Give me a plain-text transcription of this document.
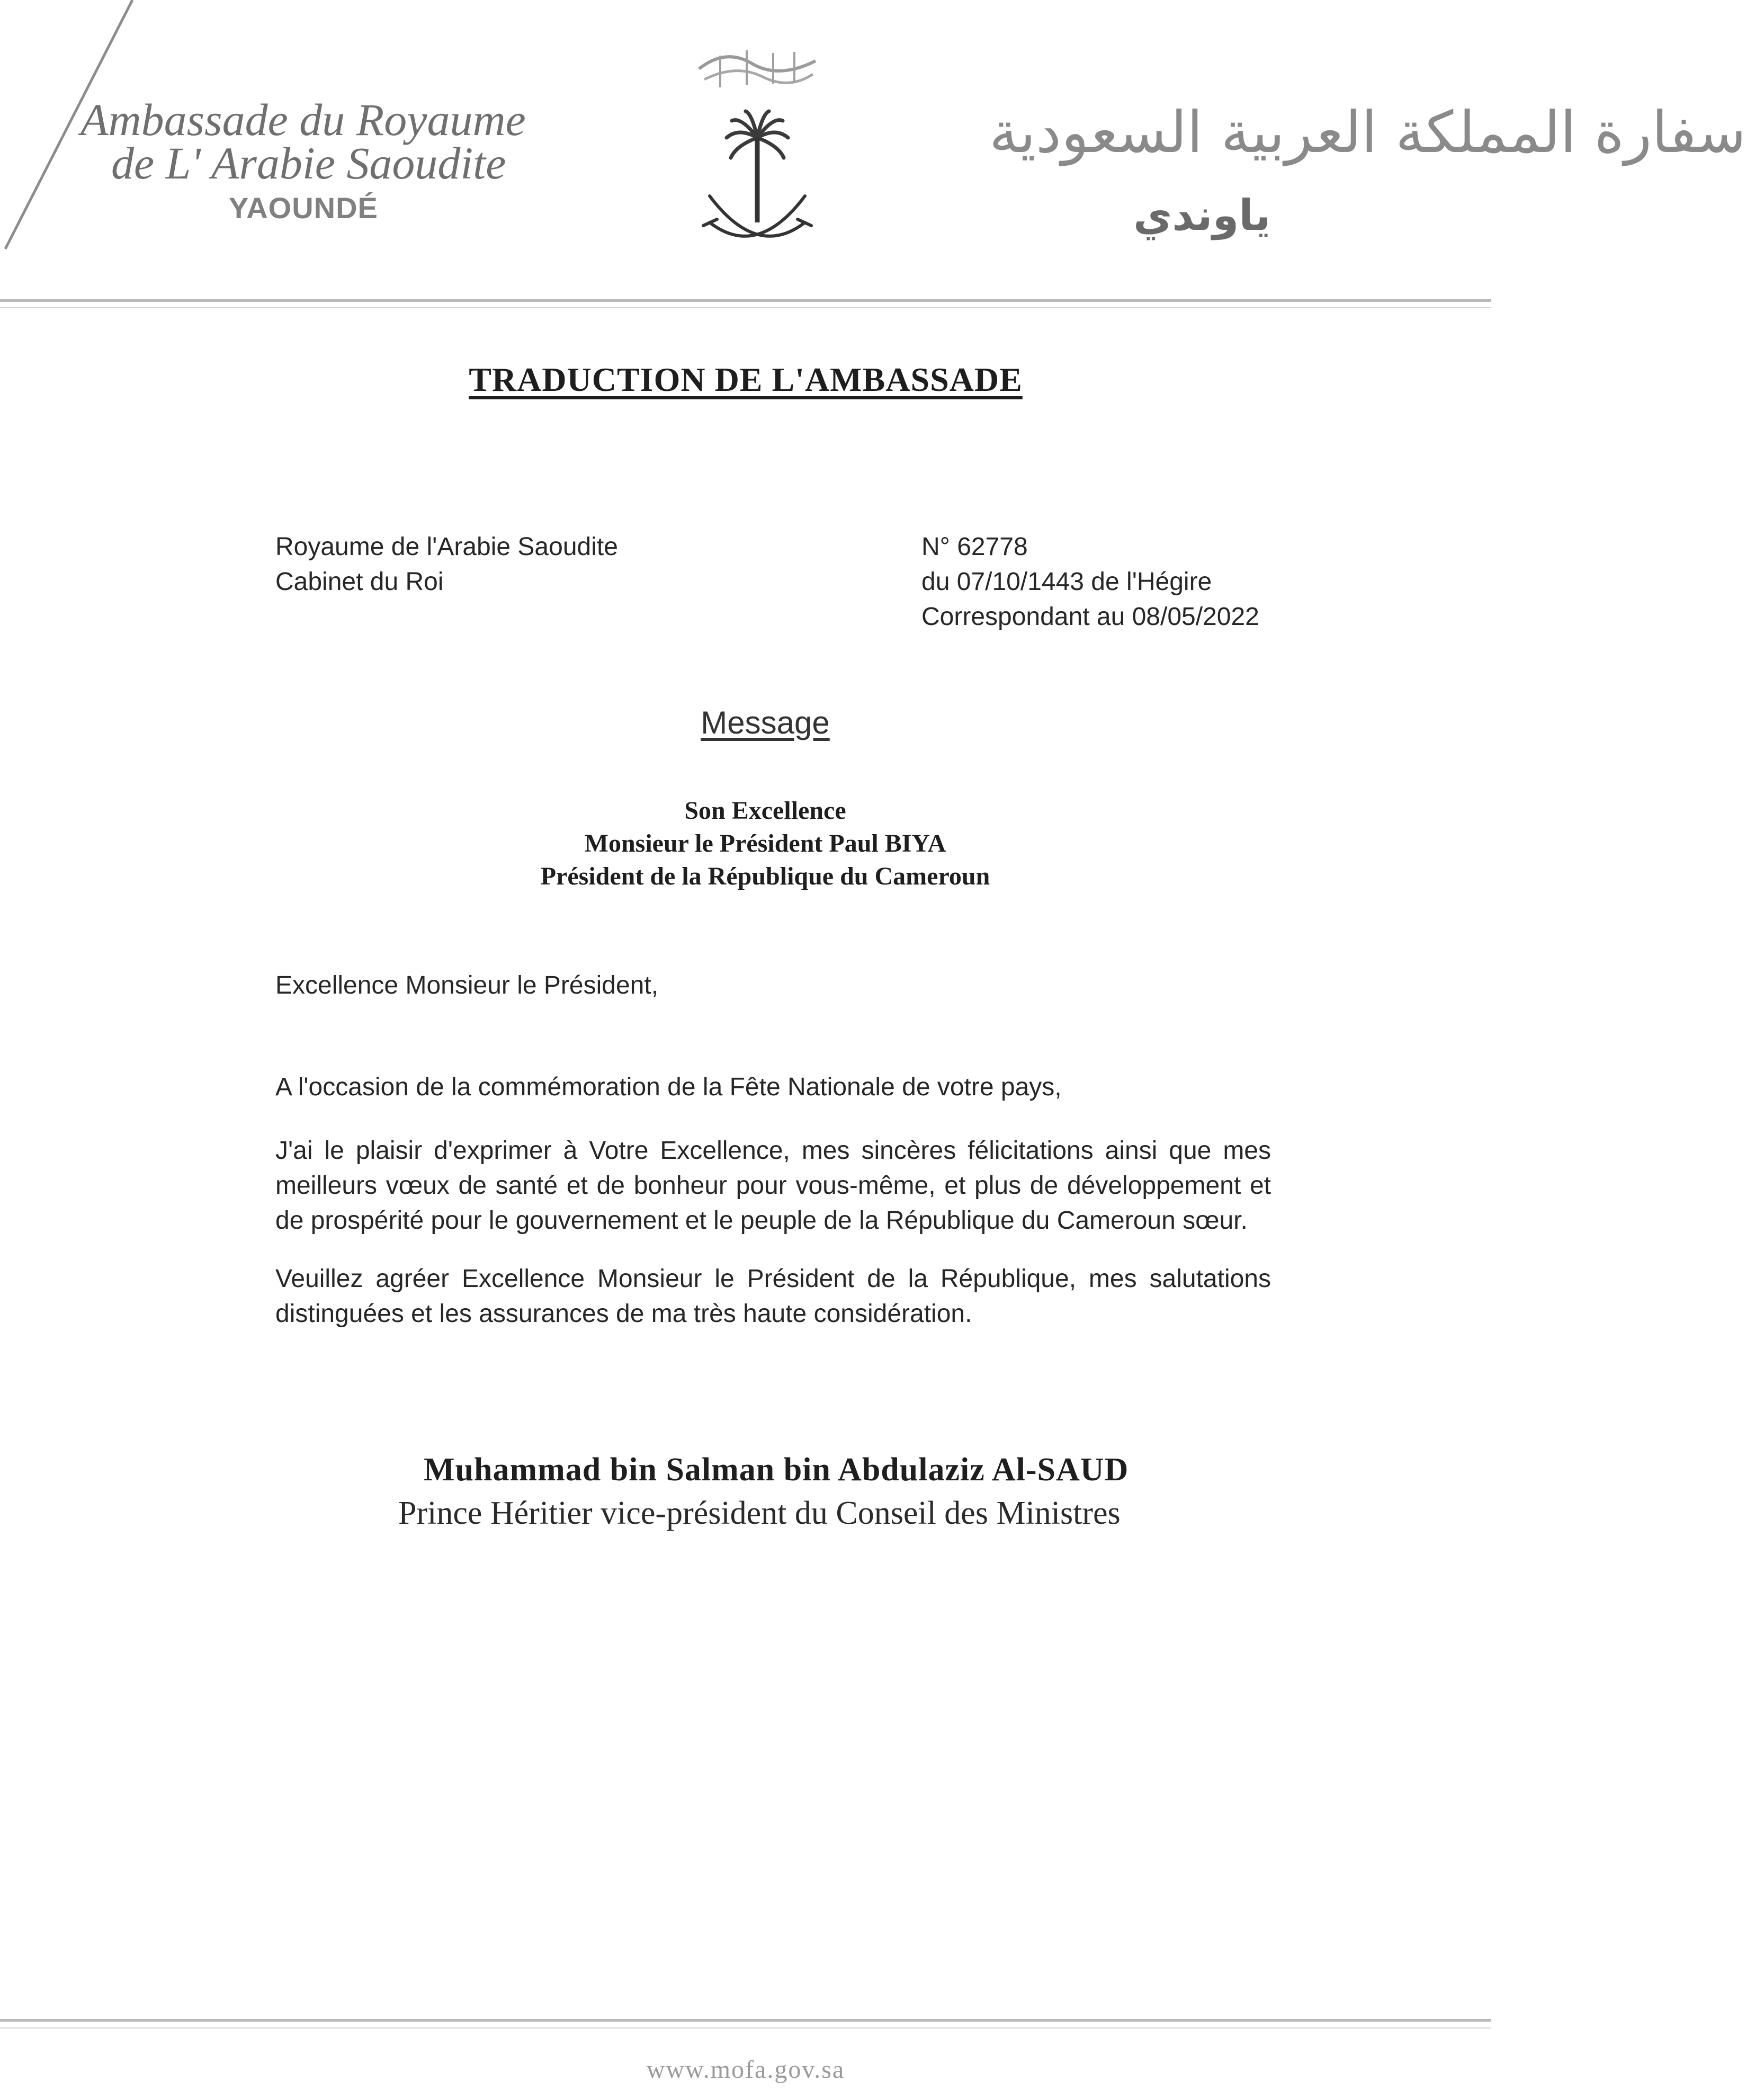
Ambassade du Royaume
de L' Arabie Saoudite
YAOUNDÉ
سفارة المملكة العربية السعودية
ياوندي
TRADUCTION DE L'AMBASSADE
Royaume de l'Arabie Saoudite
Cabinet du Roi
N° 62778
du 07/10/1443 de l'Hégire
Correspondant au 08/05/2022
Message
Son Excellence
Monsieur le Président Paul BIYA
Président de la République du Cameroun
Excellence Monsieur le Président,
A l'occasion de la commémoration de la Fête Nationale de votre pays,
J'ai le plaisir d'exprimer à Votre Excellence, mes sincères félicitations ainsi que mes meilleurs vœux de santé et de bonheur pour vous-même, et plus de développement et de prospérité pour le gouvernement et le peuple de la République du Cameroun sœur.
Veuillez agréer Excellence Monsieur le Président de la République, mes salutations distinguées et les assurances de ma très haute considération.
Muhammad bin Salman bin Abdulaziz Al-SAUD
Prince Héritier vice-président du Conseil des Ministres
www.mofa.gov.sa
